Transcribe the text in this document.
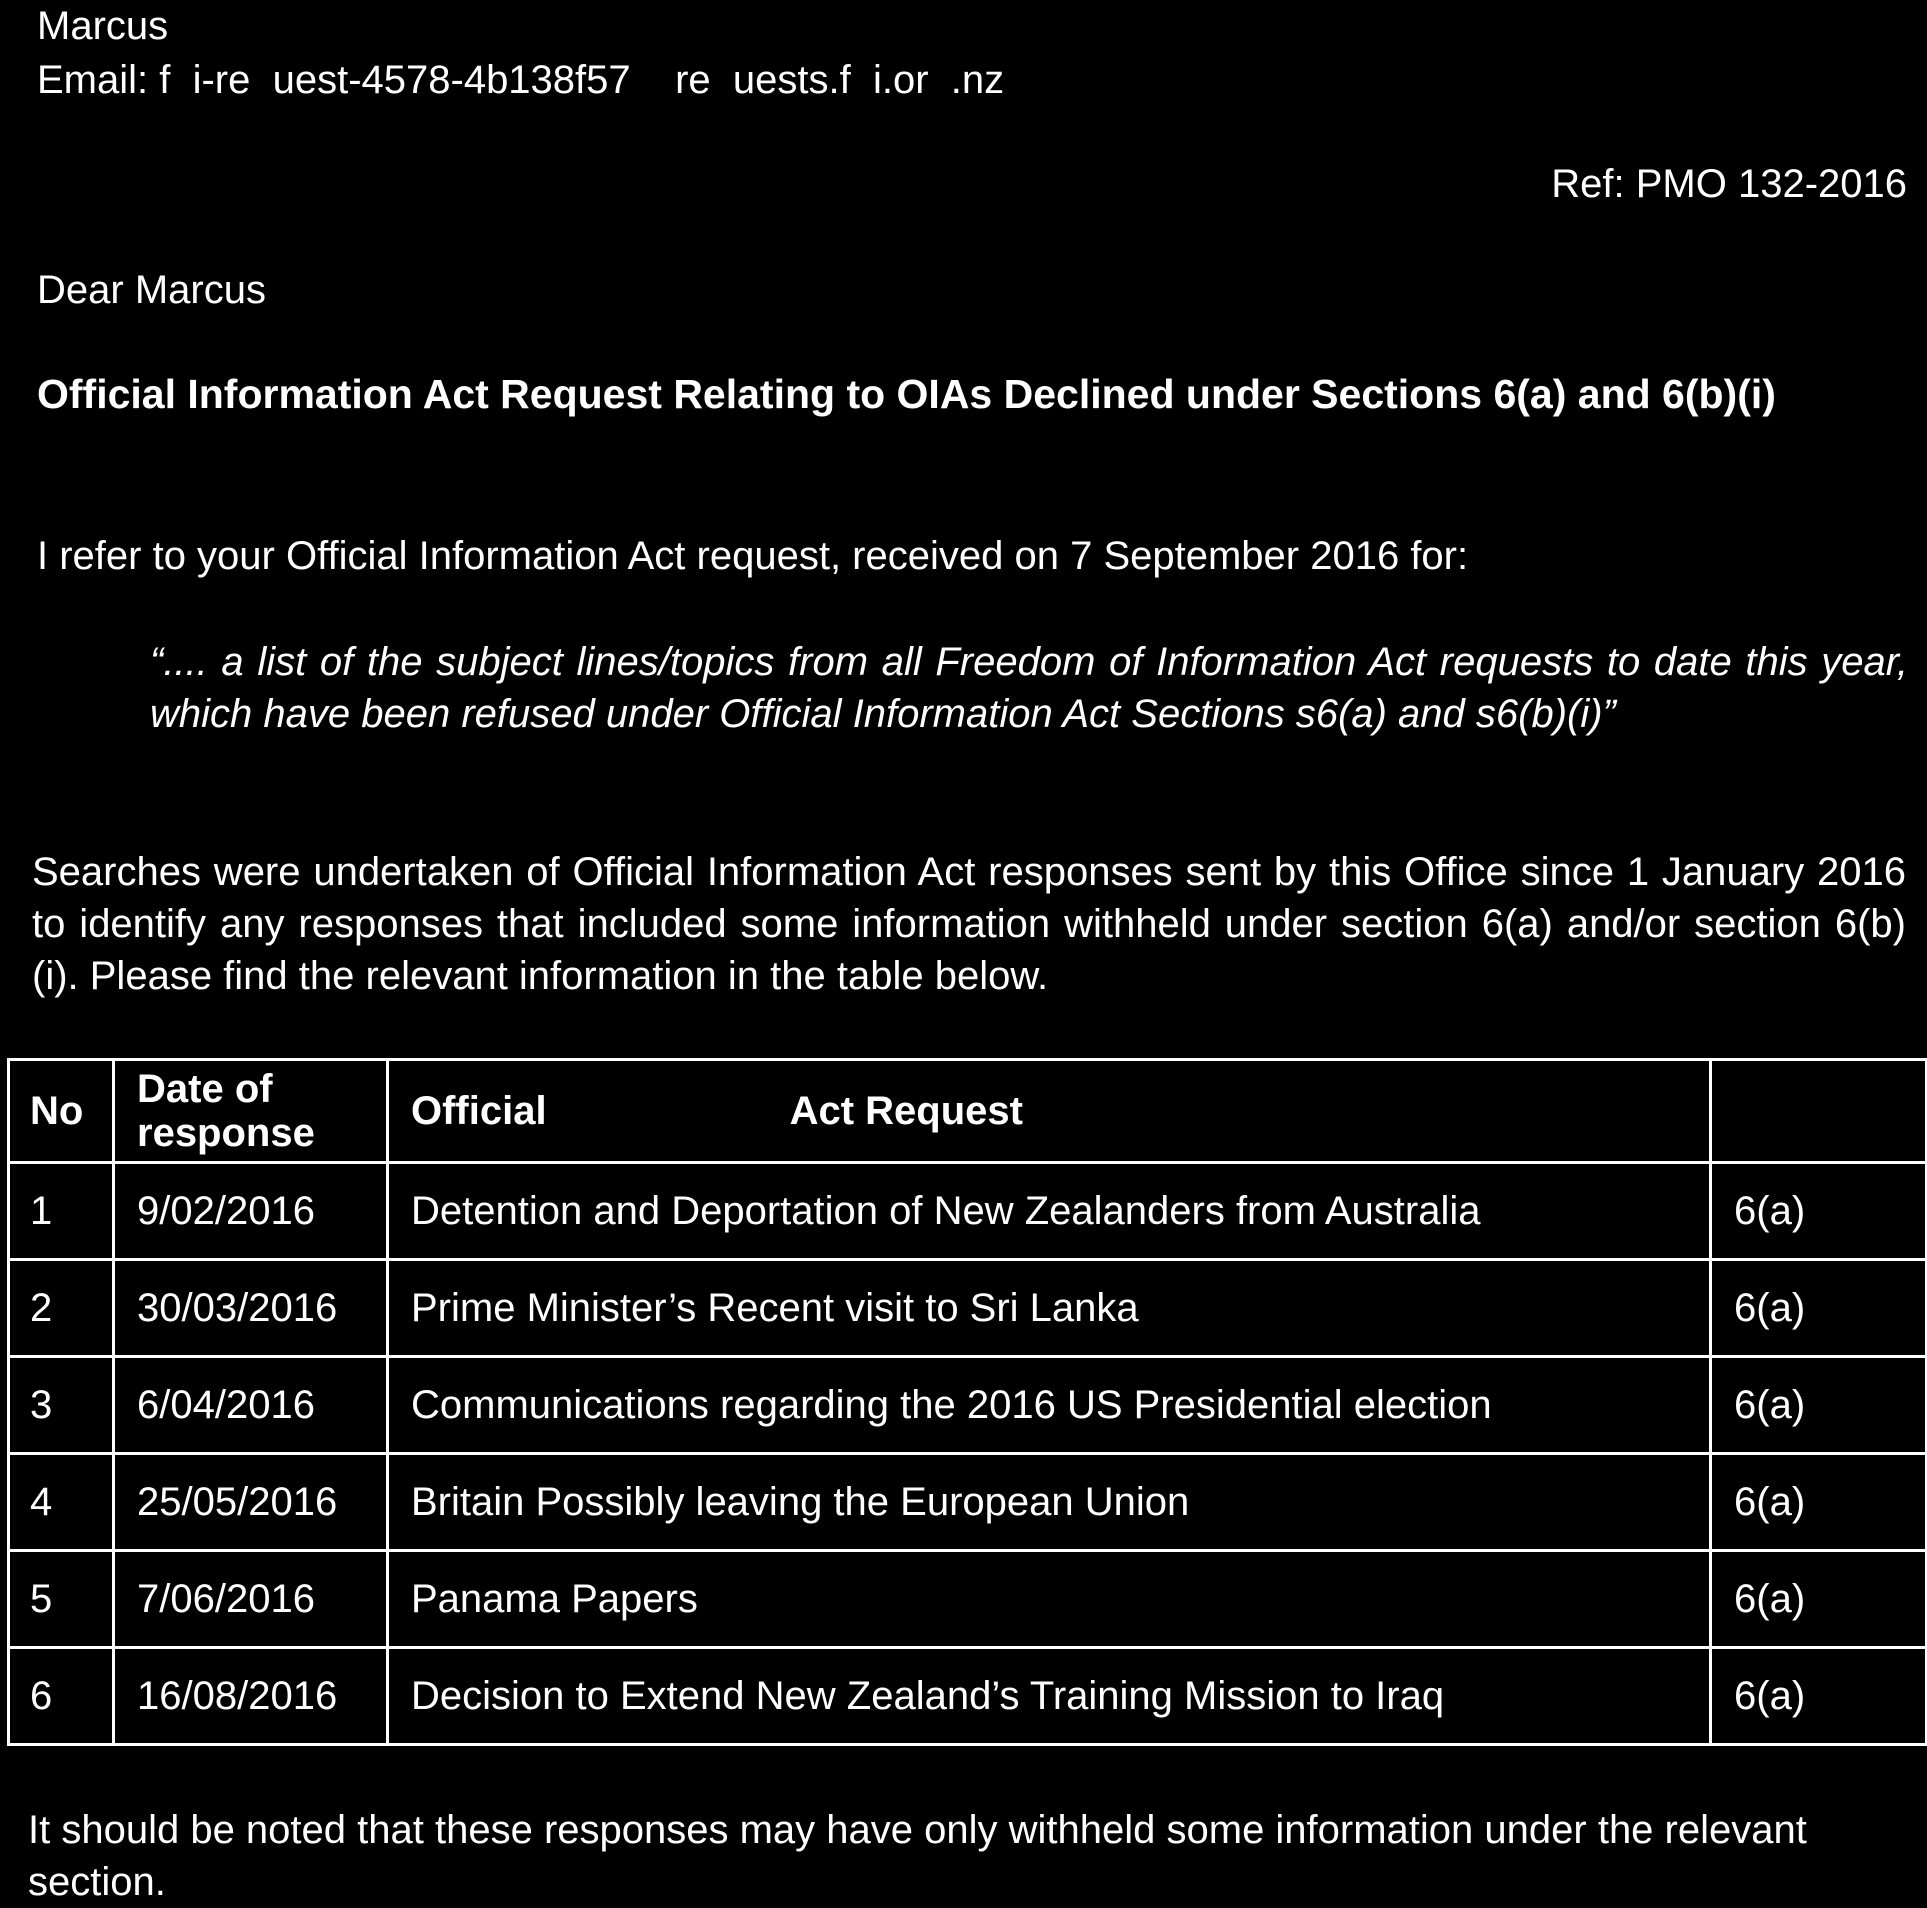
Marcus
Email: f  i-re  uest-4578-4b138f57    re  uests.f  i.or  .nz
Ref: PMO 132-2016
Dear Marcus
Official Information Act Request Relating to OIAs Declined under Sections 6(a) and 6(b)(i)
I refer to your Official Information Act request, received on 7 September 2016 for:
“.... a list of the subject lines/topics from all Freedom of Information Act requests to date this year, which have been refused under Official Information Act Sections s6(a) and s6(b)(i)”
Searches were undertaken of Official Information Act responses sent by this Office since 1 January 2016 to identify any responses that included some information withheld under section 6(a) and/or section 6(b)(i). Please find the relevant information in the table below.
No	Date of response	Official                      Act Request	
1	9/02/2016	Detention and Deportation of New Zealanders from Australia	6(a)
2	30/03/2016	Prime Minister’s Recent visit to Sri Lanka	6(a)
3	6/04/2016	Communications regarding the 2016 US Presidential election	6(a)
4	25/05/2016	Britain Possibly leaving the European Union	6(a)
5	7/06/2016	Panama Papers	6(a)
6	16/08/2016	Decision to Extend New Zealand’s Training Mission to Iraq	6(a)
It should be noted that these responses may have only withheld some information under the relevant section.
